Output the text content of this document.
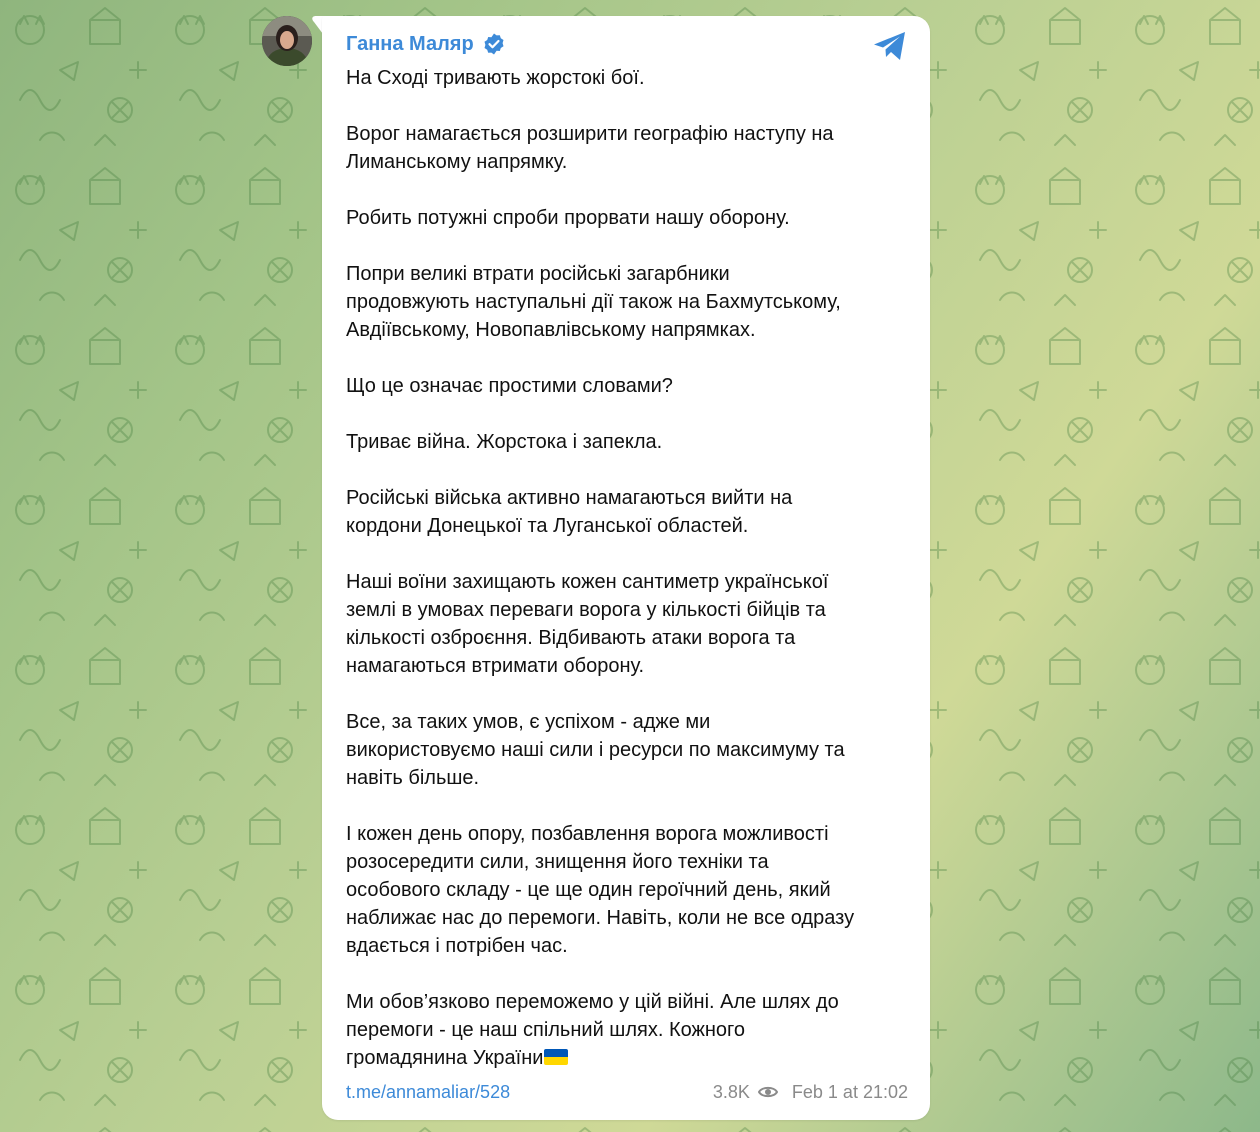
Ганна Маляр

На Сході тривають жорстокі бої.

Ворог намагається розширити географію наступу на
Лиманському напрямку.

Робить потужні спроби прорвати нашу оборону.

Попри великі втрати російські загарбники
продовжують наступальні дії також на Бахмутському,
Авдіївському, Новопавлівському напрямках.

Що це означає простими словами?

Триває війна. Жорстока і запекла.

Російські війська активно намагаються вийти на
кордони Донецької та Луганської областей.

Наші воїни захищають кожен сантиметр української
землі в умовах переваги ворога у кількості бійців та
кількості озброєння. Відбивають атаки ворога та
намагаються втримати оборону.

Все, за таких умов, є успіхом - адже ми
використовуємо наші сили і ресурси по максимуму та
навіть більше.

І кожен день опору, позбавлення ворога можливості
розосередити сили, знищення його техніки та
особового складу - це ще один героїчний день, який
наближає нас до перемоги. Навіть, коли не все одразу
вдається і потрібен час.

Ми обов’язково переможемо у цій війні. Але шлях до
перемоги - це наш спільний шлях. Кожного
громадянина України

t.me/annamaliar/528	3.8K Feb 1 at 21:02
